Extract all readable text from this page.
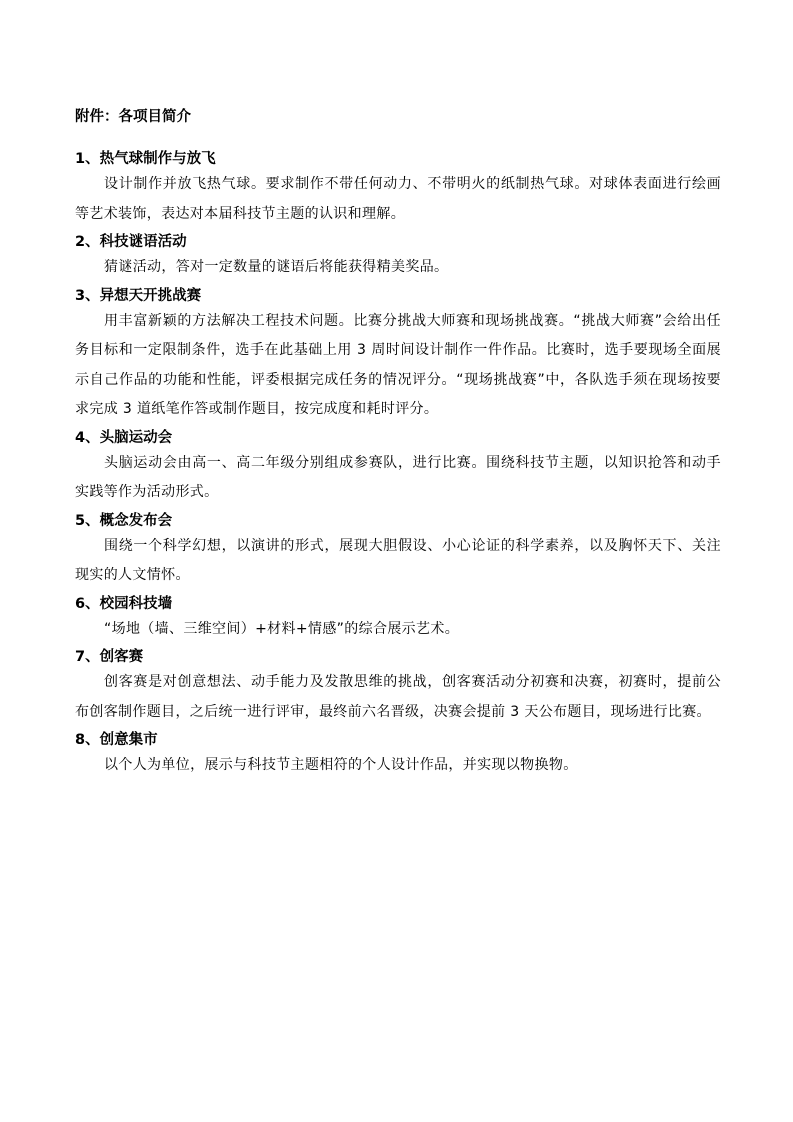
附件：各项目简介
1、热气球制作与放飞

设计制作并放飞热气球。要求制作不带任何动力、不带明火的纸制热气球。对球体表面进行绘画等艺术装饰，表达对本届科技节主题的认识和理解。

2、科技谜语活动

猜谜活动，答对一定数量的谜语后将能获得精美奖品。

3、异想天开挑战赛

用丰富新颖的方法解决工程技术问题。比赛分挑战大师赛和现场挑战赛。“挑战大师赛”会给出任务目标和一定限制条件，选手在此基础上用 3 周时间设计制作一件作品。比赛时，选手要现场全面展示自己作品的功能和性能，评委根据完成任务的情况评分。“现场挑战赛”中，各队选手须在现场按要求完成 3 道纸笔作答或制作题目，按完成度和耗时评分。

4、头脑运动会

头脑运动会由高一、高二年级分别组成参赛队，进行比赛。围绕科技节主题，以知识抢答和动手实践等作为活动形式。

5、概念发布会

围绕一个科学幻想，以演讲的形式，展现大胆假设、小心论证的科学素养，以及胸怀天下、关注现实的人文情怀。

6、校园科技墙

“场地（墙、三维空间）+材料+情感”的综合展示艺术。

7、创客赛

创客赛是对创意想法、动手能力及发散思维的挑战，创客赛活动分初赛和决赛，初赛时，提前公布创客制作题目，之后统一进行评审，最终前六名晋级，决赛会提前 3 天公布题目，现场进行比赛。

8、创意集市

以个人为单位，展示与科技节主题相符的个人设计作品，并实现以物换物。
